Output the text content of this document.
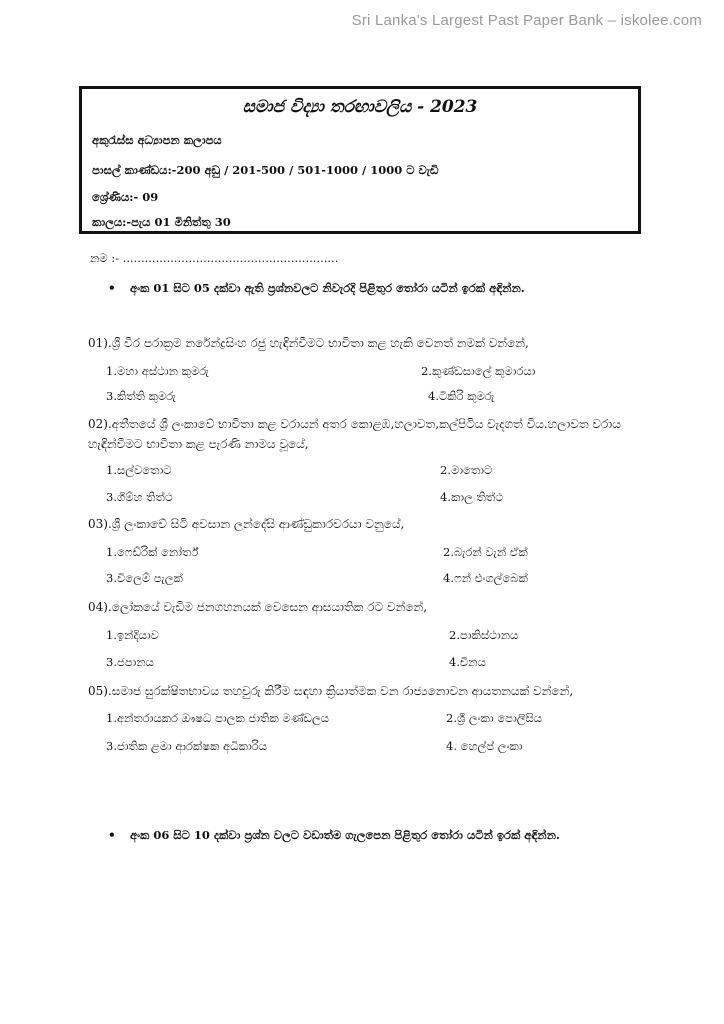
Sri Lanka's Largest Past Paper Bank – iskolee.com
සමාජ විද්‍යා තරඟාවලිය - 2023
අකුරැස්ස අධ්‍යාපන කලාපය
පාසල් කාණ්ඩය:-200 අඩු / 201-500 / 501-1000 / 1000 ට වැඩි
ශ්‍රේණිය:- 09
කාලය:-පැය 01 මිනිත්තු 30
නම :- ...........................................................
• අංක 01 සිට 05 දක්වා ඇති ප්‍රශ්නවලට නිවැරදි පිළිතුර තෝරා යටින් ඉරක් අඳින්න.
01).ශ්‍රී වීර පරාක්‍රම නරේන්ද්‍රසිංහ රජු හැඳින්වීමට භාවිතා කළ හැකි වෙනත් නමක් වන්නේ,
1.මහා අස්ථාන කුමරු	2.කුණ්ඩසාලේ කුමාරයා
3.කිත්ති කුමරු	4.ටිකිරි කුමරු
02).අතීතයේ ශ්‍රී ලංකාවේ භාවිතා කළ වරායන් අතර කොළඹ,හලාවත,කල්පිටිය වැදගත් විය.හලාවත වරාය හැඳින්වීමට භාවිතා කළ පැරණි නාමය වූයේ,
1.සල්වතොට	2.මාතොට
3.ගිම්හ තිත්ථ	4.කාල තිත්ථ
03).ශ්‍රී ලංකාවේ සිටි අවසාන ලන්දේසි ආණ්ඩුකාරවරයා වනුයේ,
1.ෆෙඩ්රික් නෝර්ත්	2.බැරන් වැන් ඒක්
3.විලෙම් පැලක්	4.ෆන් එංගල්බෙක්
04).ලෝකයේ වැඩිම ජනගහනයක් වෙසෙන ආසයාතික රට වන්නේ,
1.ඉන්දියාව	2.පාකිස්ථානය
3.ජපානය	4.චීනය
05).සමාජ සුරක්ෂිතභාවය තහවුරු කිරීම සඳහා ක්‍රියාත්මක වන රාජ්‍යනොවන ආයතනයක් වන්නේ,
1.අන්තරායකර ඖෂධ පාලක ජාතික මණ්ඩලය	2.ශ්‍රී ලංකා පොලිසිය
3.ජාතික ළමා ආරක්ෂක අධිකාරිය	4. හෙල්ප් ලංකා
• අංක 06 සිට 10 දක්වා ප්‍රශ්න වලට වඩාත්ම ගැලපෙන පිළිතුර තෝරා යටින් ඉරක් අඳින්න.
